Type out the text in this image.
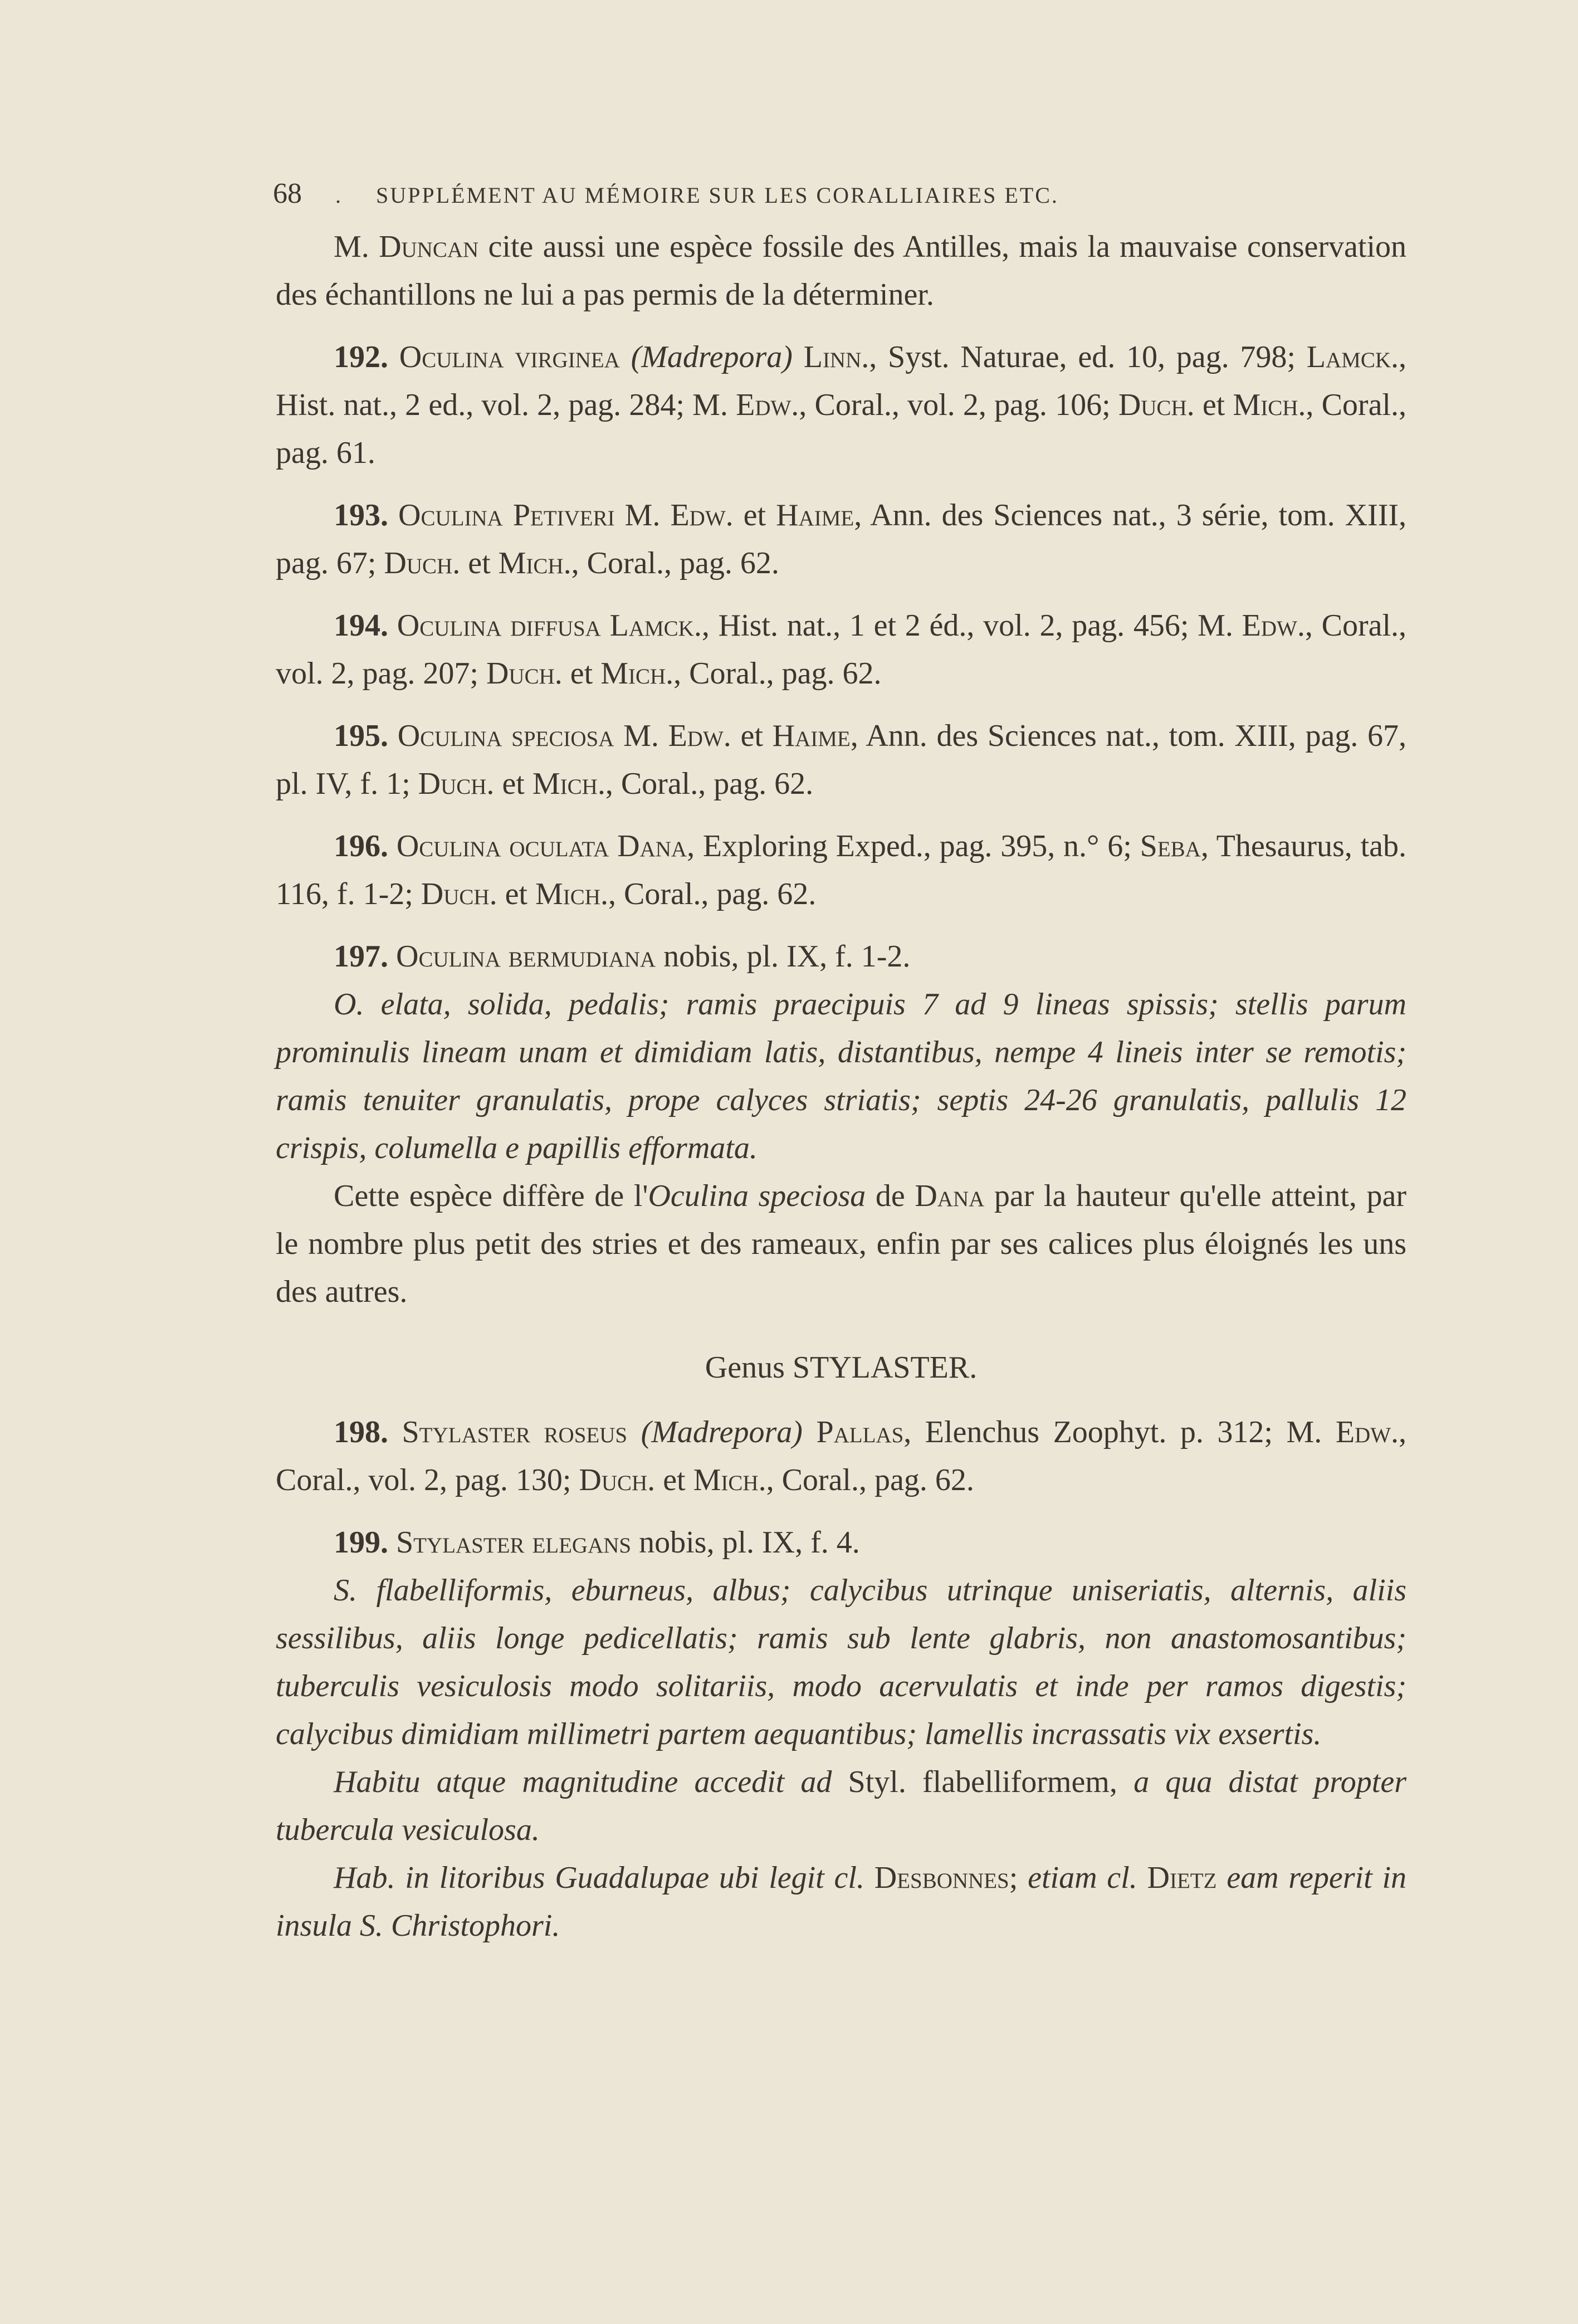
68 . SUPPLÉMENT AU MÉMOIRE SUR LES CORALLIAIRES ETC.

M. Duncan cite aussi une espèce fossile des Antilles, mais la mauvaise conservation des échantillons ne lui a pas permis de la déterminer.

192. Oculina virginea (Madrepora) Linn., Syst. Naturae, ed. 10, pag. 798; Lamck., Hist. nat., 2 ed., vol. 2, pag. 284; M. Edw., Coral., vol. 2, pag. 106; Duch. et Mich., Coral., pag. 61.

193. Oculina Petiveri M. Edw. et Haime, Ann. des Sciences nat., 3 série, tom. XIII, pag. 67; Duch. et Mich., Coral., pag. 62.

194. Oculina diffusa Lamck., Hist. nat., 1 et 2 éd., vol. 2, pag. 456; M. Edw., Coral., vol. 2, pag. 207; Duch. et Mich., Coral., pag. 62.

195. Oculina speciosa M. Edw. et Haime, Ann. des Sciences nat., tom. XIII, pag. 67, pl. IV, f. 1; Duch. et Mich., Coral., pag. 62.

196. Oculina oculata Dana, Exploring Exped., pag. 395, n.° 6; Seba, Thesaurus, tab. 116, f. 1-2; Duch. et Mich., Coral., pag. 62.

197. Oculina bermudiana nobis, pl. IX, f. 1-2.

O. elata, solida, pedalis; ramis praecipuis 7 ad 9 lineas spissis; stellis parum prominulis lineam unam et dimidiam latis, distantibus, nempe 4 lineis inter se remotis; ramis tenuiter granulatis, prope calyces striatis; septis 24-26 granulatis, pallulis 12 crispis, columella e papillis efformata.

Cette espèce diffère de l'Oculina speciosa de Dana par la hauteur qu'elle atteint, par le nombre plus petit des stries et des rameaux, enfin par ses calices plus éloignés les uns des autres.

Genus STYLASTER.

198. Stylaster roseus (Madrepora) Pallas, Elenchus Zoophyt. p. 312; M. Edw., Coral., vol. 2, pag. 130; Duch. et Mich., Coral., pag. 62.

199. Stylaster elegans nobis, pl. IX, f. 4.

S. flabelliformis, eburneus, albus; calycibus utrinque uniseriatis, alternis, aliis sessilibus, aliis longe pedicellatis; ramis sub lente glabris, non anastomosantibus; tuberculis vesiculosis modo solitariis, modo acervulatis et inde per ramos digestis; calycibus dimidiam millimetri partem aequantibus; lamellis incrassatis vix exsertis.

Habitu atque magnitudine accedit ad Styl. flabelliformem, a qua distat propter tubercula vesiculosa.

Hab. in litoribus Guadalupae ubi legit cl. Desbonnes; etiam cl. Dietz eam reperit in insula S. Christophori.
